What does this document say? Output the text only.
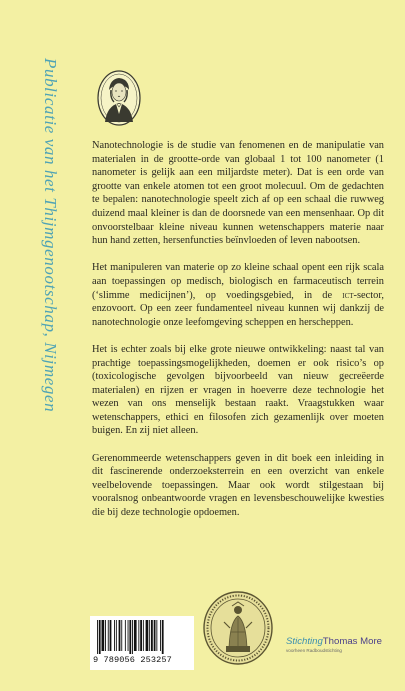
Publicatie van het Thijmgenootschap, Nijmegen	Nanotechnologie is de studie van fenomenen en de manipulatie van materialen in de grootte-orde van globaal 1 tot 100 nanometer (1 nanometer is gelijk aan een miljardste meter). Dat is een orde van grootte van enkele atomen tot een groot molecuul. Om de gedachten te bepalen: nanotechnologie speelt zich af op een schaal die ruwweg duizend maal kleiner is dan de doorsnede van een mensenhaar. Op dit onvoorstelbaar kleine niveau kunnen wetenschappers materie naar hun hand zetten, hersenfuncties beïnvloeden of leven nabootsen.

Het manipuleren van materie op zo kleine schaal opent een rijk scala aan toepassingen op medisch, biologisch en farmaceutisch terrein (‘slimme medicijnen’), op voedingsgebied, in de ict-sector, enzovoort. Op een zeer fundamenteel niveau kunnen wij dankzij de nanotechnologie onze leefomgeving scheppen en herscheppen.

Het is echter zoals bij elke grote nieuwe ontwikkeling: naast tal van prachtige toepassingsmogelijkheden, doemen er ook risico’s op (toxicologische gevolgen bijvoorbeeld van nieuw gecreëerde materialen) en rijzen er vragen in hoeverre deze technologie het wezen van ons menselijk bestaan raakt. Vraagstukken waar wetenschappers, ethici en filosofen zich gezamenlijk over moeten buigen. En zij niet alleen.

Gerenommeerde wetenschappers geven in dit boek een inleiding in dit fascinerende onderzoeksterrein en een overzicht van enkele veelbelovende toepassingen. Maar ook wordt stilgestaan bij vooralsnog onbeantwoorde vragen en levensbeschouwelijke kwesties die bij deze technologie opdoemen.

9 789056 253257
StichtingThomas More
voorheen Radboudstichting
